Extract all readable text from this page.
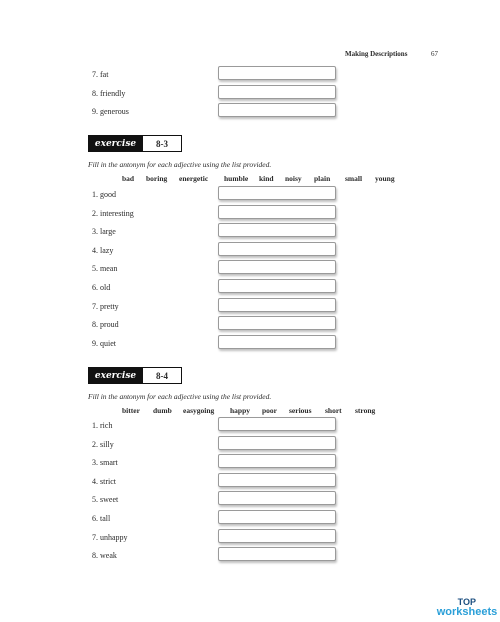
Making Descriptions	67
7. fat
8. friendly
9. generous
exercise	8-3
Fill in the antonym for each adjective using the list provided.
bad boring energetic humble kind noisy plain small young
1. good
2. interesting
3. large
4. lazy
5. mean
6. old
7. pretty
8. proud
9. quiet
exercise	8-4
Fill in the antonym for each adjective using the list provided.
bitter dumb easygoing happy poor serious short strong
1. rich
2. silly
3. smart
4. strict
5. sweet
6. tall
7. unhappy
8. weak
TOP
worksheets
